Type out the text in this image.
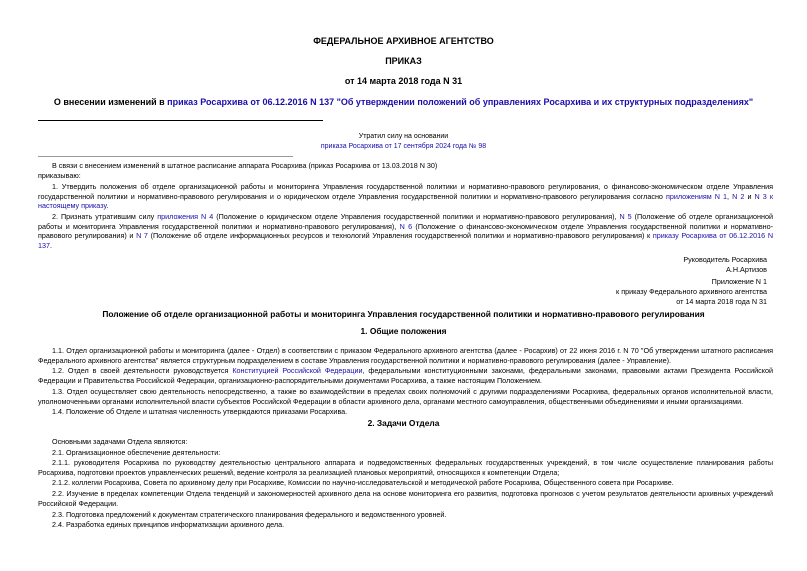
ФЕДЕРАЛЬНОЕ АРХИВНОЕ АГЕНТСТВО
ПРИКАЗ
от 14 марта 2018 года N 31
О внесении изменений в приказ Росархива от 06.12.2016 N 137 "Об утверждении положений об управлениях Росархива и их структурных подразделениях"
Утратил силу на основании
приказа Росархива от 17 сентября 2024 года № 98
В связи с внесением изменений в штатное расписание аппарата Росархива (приказ Росархива от 13.03.2018 N 30)
приказываю:
1. Утвердить положения об отделе организационной работы и мониторинга Управления государственной политики и нормативно-правового регулирования, о финансово-экономическом отделе Управления государственной политики и нормативно-правового регулирования и о юридическом отделе Управления государственной политики и нормативно-правового регулирования согласно приложениям N 1, N 2 и N 3 к настоящему приказу.
2. Признать утратившим силу приложения N 4 (Положение о юридическом отделе Управления государственной политики и нормативно-правового регулирования), N 5 (Положение об отделе организационной работы и мониторинга Управления государственной политики и нормативно-правового регулирования), N 6 (Положение о финансово-экономическом отделе Управления государственной политики и нормативно-правового регулирования) и N 7 (Положение об отделе информационных ресурсов и технологий Управления государственной политики и нормативно-правового регулирования) к приказу Росархива от 06.12.2016 N 137.
Руководитель Росархива
А.Н.Артизов
Приложение N 1
к приказу Федерального архивного агентства
от 14 марта 2018 года N 31
Положение об отделе организационной работы и мониторинга Управления государственной политики и нормативно-правового регулирования
1. Общие положения
1.1. Отдел организационной работы и мониторинга (далее - Отдел) в соответствии с приказом Федерального архивного агентства (далее - Росархив) от 22 июня 2016 г. N 70 "Об утверждении штатного расписания Федерального архивного агентства" является структурным подразделением в составе Управления государственной политики и нормативно-правового регулирования (далее - Управление).
1.2. Отдел в своей деятельности руководствуется Конституцией Российской Федерации, федеральными конституционными законами, федеральными законами, правовыми актами Президента Российской Федерации и Правительства Российской Федерации, организационно-распорядительными документами Росархива, а также настоящим Положением.
1.3. Отдел осуществляет свою деятельность непосредственно, а также во взаимодействии в пределах своих полномочий с другими подразделениями Росархива, федеральных органов исполнительной власти, уполномоченными органами исполнительной власти субъектов Российской Федерации в области архивного дела, органами местного самоуправления, общественными объединениями и иными организациями.
1.4. Положение об Отделе и штатная численность утверждаются приказами Росархива.
2. Задачи Отдела
Основными задачами Отдела являются:
2.1. Организационное обеспечение деятельности:
2.1.1. руководителя Росархива по руководству деятельностью центрального аппарата и подведомственных федеральных государственных учреждений, в том числе осуществление планирования работы Росархива, подготовки проектов управленческих решений, ведение контроля за реализацией плановых мероприятий, относящихся к компетенции Отдела;
2.1.2. коллегии Росархива, Совета по архивному делу при Росархиве, Комиссии по научно-исследовательской и методической работе Росархива, Общественного совета при Росархиве.
2.2. Изучение в пределах компетенции Отдела тенденций и закономерностей архивного дела на основе мониторинга его развития, подготовка прогнозов с учетом результатов деятельности архивных учреждений Российской Федерации.
2.3. Подготовка предложений к документам стратегического планирования федерального и ведомственного уровней.
2.4. Разработка единых принципов информатизации архивного дела.
